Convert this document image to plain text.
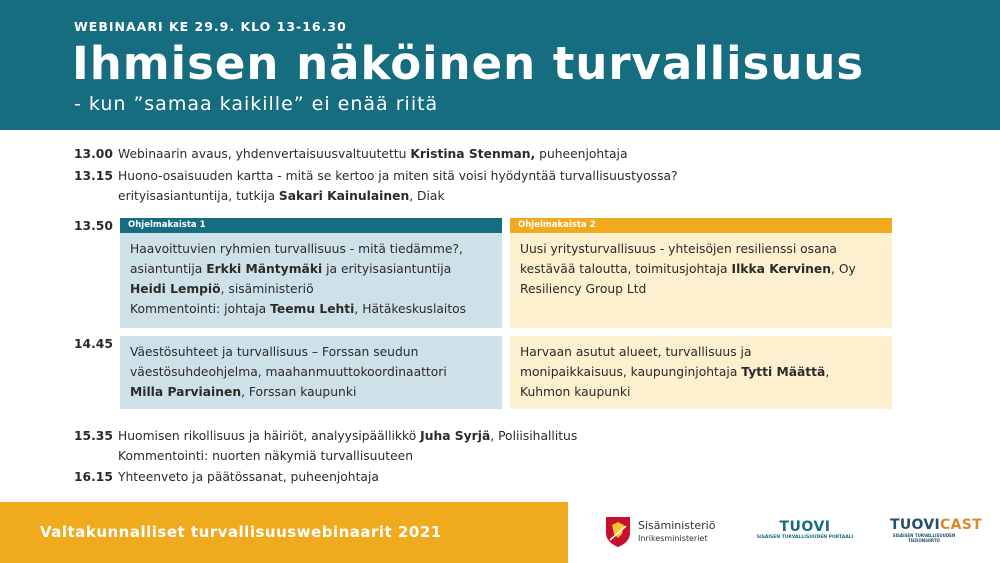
WEBINAARI KE 29.9. KLO 13-16.30
Ihmisen näköinen turvallisuus
- kun ”samaa kaikille” ei enää riitä
13.00 Webinaarin avaus, yhdenvertaisuusvaltuutettu Kristina Stenman, puheenjohtaja
13.15 Huono-osaisuuden kartta - mitä se kertoo ja miten sitä voisi hyödyntää turvallisuustyossa?
erityisasiantuntija, tutkija Sakari Kainulainen, Diak
13.50
14.45
15.35 Huomisen rikollisuus ja häiriöt, analyysipäällikkö Juha Syrjä, Poliisihallitus
Kommentointi: nuorten näkymiä turvallisuuteen
16.15 Yhteenveto ja päätössanat, puheenjohtaja
Ohjelmakaista 1	Ohjelmakaista 2
Haavoittuvien ryhmien turvallisuus - mitä tiedämme?,
asiantuntija Erkki Mäntymäki ja erityisasiantuntija
Heidi Lempiö, sisäministeriö
Kommentointi: johtaja Teemu Lehti, Hätäkeskuslaitos
Uusi yritysturvallisuus - yhteisöjen resilienssi osana
kestävää taloutta, toimitusjohtaja Ilkka Kervinen, Oy
Resiliency Group Ltd
Väestösuhteet ja turvallisuus – Forssan seudun
väestösuhdeohjelma, maahanmuuttokoordinaattori
Milla Parviainen, Forssan kaupunki
Harvaan asutut alueet, turvallisuus ja
monipaikkaisuus, kaupunginjohtaja Tytti Määttä,
Kuhmon kaupunki
Valtakunnalliset turvallisuuswebinaarit 2021	Sisäministeriö
Inrikesministeriet
TUOVI
SISÄISEN TURVALLISUUDEN PORTAALI
TUOVICAST
SISÄISEN TURVALLISUUDEN
TIEDONSIIRTO
